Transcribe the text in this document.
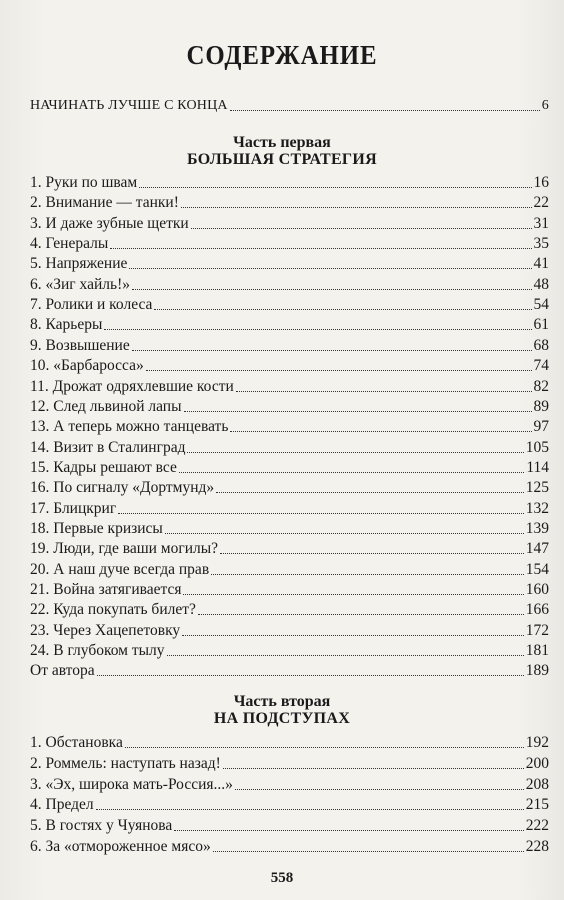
СОДЕРЖАНИЕ
НАЧИНАТЬ ЛУЧШЕ С КОНЦА	6
Часть первая
БОЛЬШАЯ СТРАТЕГИЯ
1. Руки по швам	16
2. Внимание — танки!	22
3. И даже зубные щетки	31
4. Генералы	35
5. Напряжение	41
6. «Зиг хайль!»	48
7. Ролики и колеса	54
8. Карьеры	61
9. Возвышение	68
10. «Барбаросса»	74
11. Дрожат одряхлевшие кости	82
12. След львиной лапы	89
13. А теперь можно танцевать	97
14. Визит в Сталинград	105
15. Кадры решают все	114
16. По сигналу «Дортмунд»	125
17. Блицкриг	132
18. Первые кризисы	139
19. Люди, где ваши могилы?	147
20. А наш дуче всегда прав	154
21. Война затягивается	160
22. Куда покупать билет?	166
23. Через Хацепетовку	172
24. В глубоком тылу	181
От автора	189
Часть вторая
НА ПОДСТУПАХ
1. Обстановка	192
2. Роммель: наступать назад!	200
3. «Эх, широка мать-Россия...»	208
4. Предел	215
5. В гостях у Чуянова	222
6. За «отмороженное мясо»	228
558
